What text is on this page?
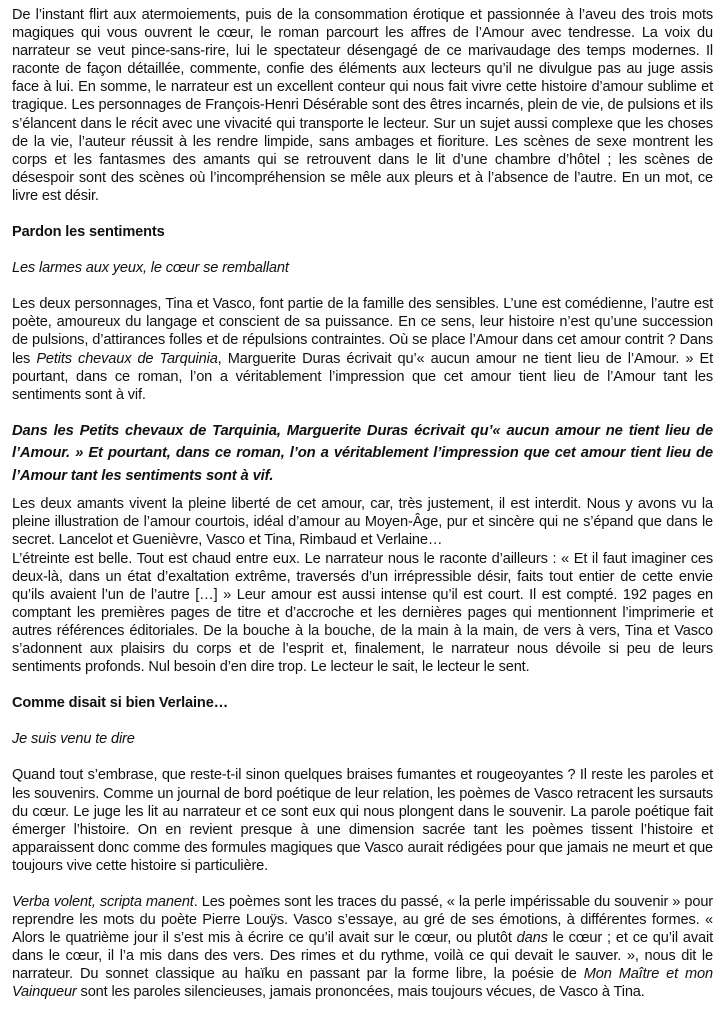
De l’instant flirt aux atermoiements, puis de la consommation érotique et passionnée à l’aveu des trois mots magiques qui vous ouvrent le cœur, le roman parcourt les affres de l’Amour avec tendresse. La voix du narrateur se veut pince-sans-rire, lui le spectateur désengagé de ce marivaudage des temps modernes. Il raconte de façon détaillée, commente, confie des éléments aux lecteurs qu’il ne divulgue pas au juge assis face à lui. En somme, le narrateur est un excellent conteur qui nous fait vivre cette histoire d’amour sublime et tragique. Les personnages de François-Henri Désérable sont des êtres incarnés, plein de vie, de pulsions et ils s’élancent dans le récit avec une vivacité qui transporte le lecteur. Sur un sujet aussi complexe que les choses de la vie, l’auteur réussit à les rendre limpide, sans ambages et fioriture. Les scènes de sexe montrent les corps et les fantasmes des amants qui se retrouvent dans le lit d’une chambre d’hôtel ; les scènes de désespoir sont des scènes où l’incompréhension se mêle aux pleurs et à l’absence de l’autre. En un mot, ce livre est désir.

Pardon les sentiments

Les larmes aux yeux, le cœur se remballant

Les deux personnages, Tina et Vasco, font partie de la famille des sensibles. L’une est comédienne, l’autre est poète, amoureux du langage et conscient de sa puissance. En ce sens, leur histoire n’est qu’une succession de pulsions, d’attirances folles et de répulsions contraintes. Où se place l’Amour dans cet amour contrit ? Dans les Petits chevaux de Tarquinia, Marguerite Duras écrivait qu’« aucun amour ne tient lieu de l’Amour. » Et pourtant, dans ce roman, l’on a véritablement l’impression que cet amour tient lieu de l’Amour tant les sentiments sont à vif.

Dans les Petits chevaux de Tarquinia, Marguerite Duras écrivait qu’« aucun amour ne tient lieu de l’Amour. » Et pourtant, dans ce roman, l’on a véritablement l’impression que cet amour tient lieu de l’Amour tant les sentiments sont à vif.

Les deux amants vivent la pleine liberté de cet amour, car, très justement, il est interdit. Nous y avons vu la pleine illustration de l’amour courtois, idéal d’amour au Moyen-Âge, pur et sincère qui ne s’épand que dans le secret. Lancelot et Guenièvre, Vasco et Tina, Rimbaud et Verlaine…

L’étreinte est belle. Tout est chaud entre eux. Le narrateur nous le raconte d’ailleurs : « Et il faut imaginer ces deux-là, dans un état d’exaltation extrême, traversés d’un irrépressible désir, faits tout entier de cette envie qu’ils avaient l’un de l’autre […] » Leur amour est aussi intense qu’il est court. Il est compté. 192 pages en comptant les premières pages de titre et d’accroche et les dernières pages qui mentionnent l’imprimerie et autres références éditoriales. De la bouche à la bouche, de la main à la main, de vers à vers, Tina et Vasco s’adonnent aux plaisirs du corps et de l’esprit et, finalement, le narrateur nous dévoile si peu de leurs sentiments profonds. Nul besoin d’en dire trop. Le lecteur le sait, le lecteur le sent.

Comme disait si bien Verlaine…

Je suis venu te dire

Quand tout s’embrase, que reste-t-il sinon quelques braises fumantes et rougeoyantes ? Il reste les paroles et les souvenirs. Comme un journal de bord poétique de leur relation, les poèmes de Vasco retracent les sursauts du cœur. Le juge les lit au narrateur et ce sont eux qui nous plongent dans le souvenir. La parole poétique fait émerger l’histoire. On en revient presque à une dimension sacrée tant les poèmes tissent l’histoire et apparaissent donc comme des formules magiques que Vasco aurait rédigées pour que jamais ne meurt et que toujours vive cette histoire si particulière.

Verba volent, scripta manent. Les poèmes sont les traces du passé, « la perle impérissable du souvenir » pour reprendre les mots du poète Pierre Louÿs. Vasco s’essaye, au gré de ses émotions, à différentes formes. « Alors le quatrième jour il s’est mis à écrire ce qu’il avait sur le cœur, ou plutôt dans le cœur ; et ce qu’il avait dans le cœur, il l’a mis dans des vers. Des rimes et du rythme, voilà ce qui devait le sauver. », nous dit le narrateur. Du sonnet classique au haïku en passant par la forme libre, la poésie de Mon Maître et mon Vainqueur sont les paroles silencieuses, jamais prononcées, mais toujours vécues, de Vasco à Tina.
